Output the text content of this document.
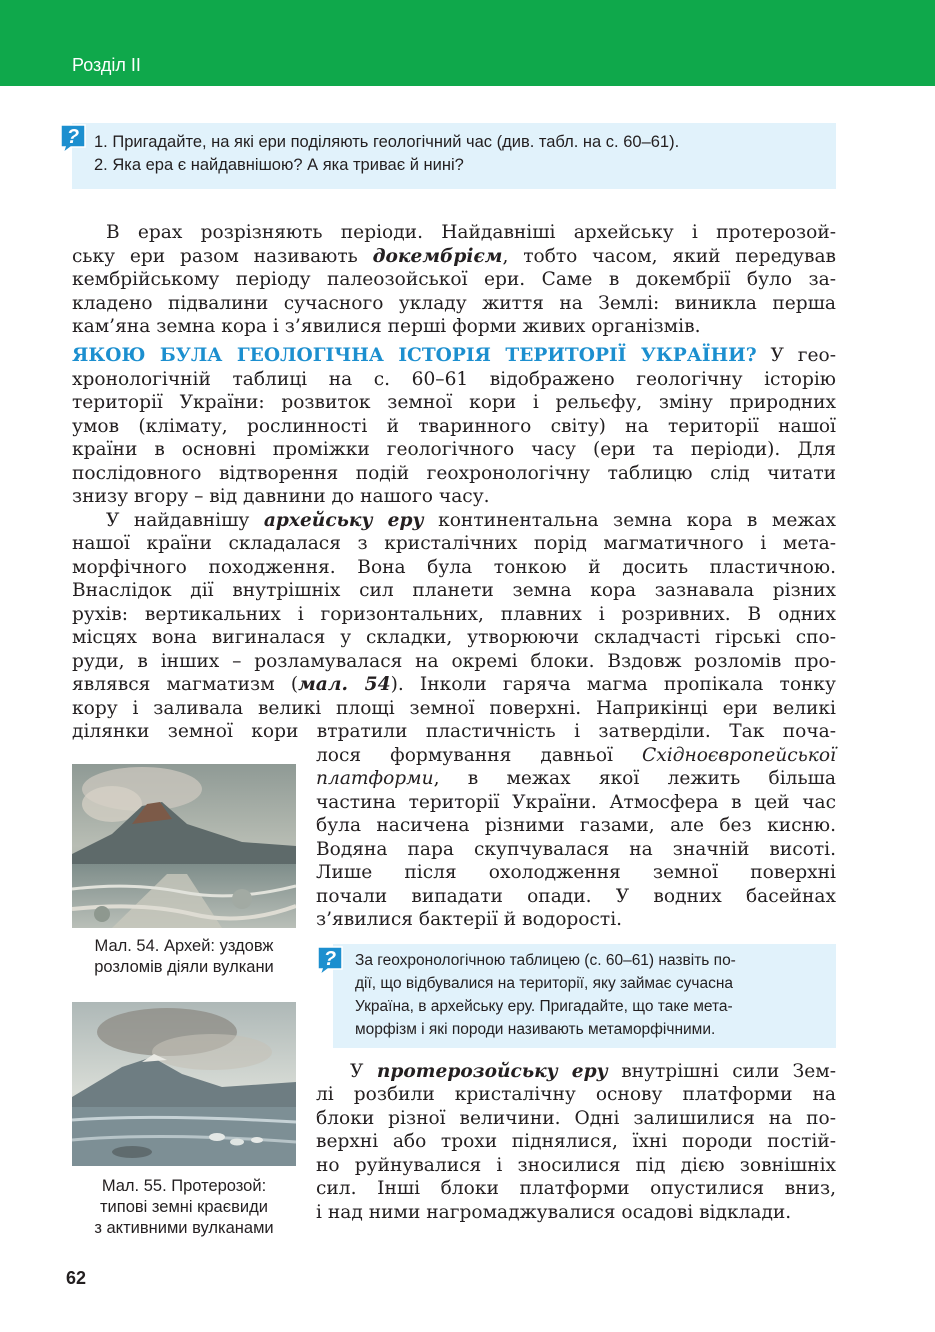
Розділ ІІ
1. Пригадайте, на які ери поділяють геологічний час (див. табл. на с. 60–61).
2. Яка ера є найдавнішою? А яка триває й нині?
?
В ерах розрізняють періоди. Найдавніші архейську і протерозой-
ську ери разом називають докембрієм, тобто часом, який передував
кембрійському періоду палеозойської ери. Саме в докембрії було за-
кладено підвалини сучасного укладу життя на Землі: виникла перша
кам’яна земна кора і з’явилися перші форми живих організмів.
ЯКОЮ БУЛА ГЕОЛОГІЧНА ІСТОРІЯ ТЕРИТОРІЇ УКРАЇНИ? У гео-
хронологічній таблиці на с. 60–61 відображено геологічну історію
території України: розвиток земної кори і рельєфу, зміну природних
умов (клімату, рослинності й тваринного світу) на території нашої
країни в основні проміжки геологічного часу (ери та періоди). Для
послідовного відтворення подій геохронологічну таблицю слід читати
знизу вгору – від давнини до нашого часу.
У найдавнішу архейську еру континентальна земна кора в межах
нашої країни складалася з кристалічних порід магматичного і мета-
морфічного походження. Вона була тонкою й досить пластичною.
Внаслідок дії внутрішніх сил планети земна кора зазнавала різних
рухів: вертикальних і горизонтальних, плавних і розривних. В одних
місцях вона вигиналася у складки, утворюючи складчасті гірські спо-
руди, в інших – розламувалася на окремі блоки. Вздовж розломів про-
являвся магматизм (мал. 54). Інколи гаряча магма пропікала тонку
кору і заливала великі площі земної поверхні. Наприкінці ери великі
ділянки земної кори втратили пластичність і затверділи. Так поча-
лося формування давньої Східноєвропейської
платформи, в межах якої лежить більша
частина території України. Атмосфера в цей час
була насичена різними газами, але без кисню.
Водяна пара скупчувалася на значній висоті.
Лише після охолодження земної поверхні
почали випадати опади. У водних басейнах
з’явилися бактерії й водорості.
Мал. 54. Архей: уздовж
розломів діяли вулкани	За геохронологічною таблицею (с. 60–61) назвіть по-
дії, що відбувалися на території, яку займає сучасна
Україна, в архейську еру. Пригадайте, що таке мета-
морфізм і які породи називають метаморфічними.
?
Мал. 55. Протерозой:
типові земні краєвиди
з активними вулканами
У протерозойську еру внутрішні сили Зем-
лі розбили кристалічну основу платформи на
блоки різної величини. Одні залишилися на по-
верхні або трохи піднялися, їхні породи постій-
но руйнувалися і зносилися під дією зовнішніх
сил. Інші блоки платформи опустилися вниз,
і над ними нагромаджувалися осадові відклади.
62
